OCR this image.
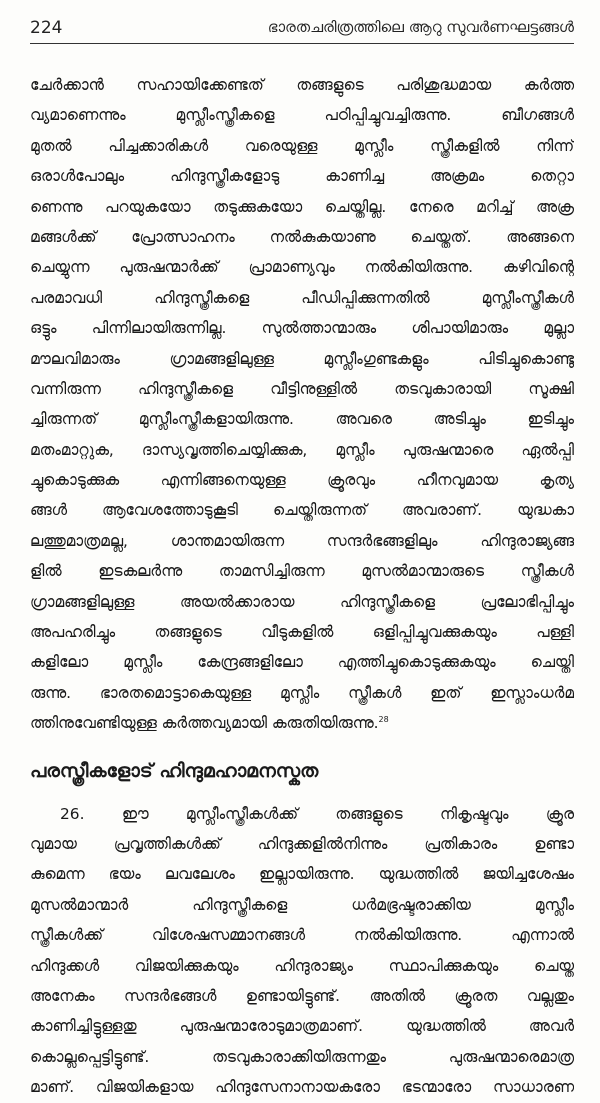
224	ഭാരതചരിത്രത്തിലെ ആറു സുവർണഘട്ടങ്ങൾ

ചേർക്കാൻ സഹായിക്കേണ്ടത് തങ്ങളുടെ പരിശുദ്ധമായ കർത്ത
വ്യമാണെന്നും മുസ്ലീംസ്ത്രീകളെ പഠിപ്പിച്ചുവച്ചിരുന്നു. ബീഗങ്ങൾ
മുതൽ പിച്ചക്കാരികൾ വരെയുള്ള മുസ്ലീം സ്ത്രീകളിൽ നിന്ന്
ഒരാൾപോലും ഹിന്ദുസ്ത്രീകളോടു കാണിച്ച അക്രമം തെറ്റാ
ണെന്നു പറയുകയോ തടുക്കുകയോ ചെയ്തില്ല. നേരെ മറിച്ച് അക്ര
മങ്ങൾക്ക് പ്രോത്സാഹനം നൽകുകയാണു ചെയ്തത്. അങ്ങനെ
ചെയ്യുന്ന പുരുഷന്മാർക്ക് പ്രാമാണ്യവും നൽകിയിരുന്നു. കഴിവിന്റെ
പരമാവധി ഹിന്ദുസ്ത്രീകളെ പീഡിപ്പിക്കുന്നതിൽ മുസ്ലീംസ്ത്രീകൾ
ഒട്ടും പിന്നിലായിരുന്നില്ല. സുൽത്താന്മാരും ശിപായിമാരും മുല്ലാ
മൗലവിമാരും ഗ്രാമങ്ങളിലുള്ള മുസ്ലീംഗുണ്ടകളും പിടിച്ചുകൊണ്ടു
വന്നിരുന്ന ഹിന്ദുസ്ത്രീകളെ വീട്ടിനുള്ളിൽ തടവുകാരായി സൂക്ഷി
ച്ചിരുന്നത് മുസ്ലീംസ്ത്രീകളായിരുന്നു. അവരെ അടിച്ചും ഇടിച്ചും
മതംമാറ്റുക, ദാസ്യവൃത്തിചെയ്യിക്കുക, മുസ്ലീം പുരുഷന്മാരെ ഏൽപ്പി
ച്ചുകൊടുക്കുക എന്നിങ്ങനെയുള്ള ക്രൂരവും ഹീനവുമായ കൃത്യ
ങ്ങൾ ആവേശത്തോടുകൂടി ചെയ്തിരുന്നത് അവരാണ്. യുദ്ധകാ
ലത്തുമാത്രമല്ല, ശാന്തമായിരുന്ന സന്ദർഭങ്ങളിലും ഹിന്ദുരാജ്യങ്ങ
ളിൽ ഇടകലർന്നു താമസിച്ചിരുന്ന മുസൽമാന്മാരുടെ സ്ത്രീകൾ
ഗ്രാമങ്ങളിലുള്ള അയൽക്കാരായ ഹിന്ദുസ്ത്രീകളെ പ്രലോഭിപ്പിച്ചും
അപഹരിച്ചും തങ്ങളുടെ വീടുകളിൽ ഒളിപ്പിച്ചുവക്കുകയും പള്ളി
കളിലോ മുസ്ലീം കേന്ദ്രങ്ങളിലോ എത്തിച്ചുകൊടുക്കുകയും ചെയ്തി
രുന്നു. ഭാരതമൊട്ടാകെയുള്ള മുസ്ലീം സ്ത്രീകൾ ഇത് ഇസ്ലാംധർമ
ത്തിനുവേണ്ടിയുള്ള കർത്തവ്യമായി കരുതിയിരുന്നു.$^{28}$

പരസ്ത്രീകളോട് ഹിന്ദുമഹാമനസ്കത

26. ഈ മുസ്ലീംസ്ത്രീകൾക്ക് തങ്ങളുടെ നികൃഷ്ടവും ക്രൂര
വുമായ പ്രവൃത്തികൾക്ക് ഹിന്ദുക്കളിൽനിന്നും പ്രതികാരം ഉണ്ടാ
കുമെന്ന ഭയം ലവലേശം ഇല്ലായിരുന്നു. യുദ്ധത്തിൽ ജയിച്ചശേഷം
മുസൽമാന്മാർ ഹിന്ദുസ്ത്രീകളെ ധർമഭ്രഷ്ടരാക്കിയ മുസ്ലീം
സ്ത്രീകൾക്ക് വിശേഷസമ്മാനങ്ങൾ നൽകിയിരുന്നു. എന്നാൽ
ഹിന്ദുക്കൾ വിജയിക്കുകയും ഹിന്ദുരാജ്യം സ്ഥാപിക്കുകയും ചെയ്ത
അനേകം സന്ദർഭങ്ങൾ ഉണ്ടായിട്ടുണ്ട്. അതിൽ ക്രൂരത വല്ലതും
കാണിച്ചിട്ടുള്ളതു പുരുഷന്മാരോടുമാത്രമാണ്. യുദ്ധത്തിൽ അവർ
കൊല്ലപ്പെട്ടിട്ടുണ്ട്. തടവുകാരാക്കിയിരുന്നതും പുരുഷന്മാരെമാത്ര
മാണ്. വിജയികളായ ഹിന്ദുസേനാനായകരോ ഭടന്മാരോ സാധാരണ
